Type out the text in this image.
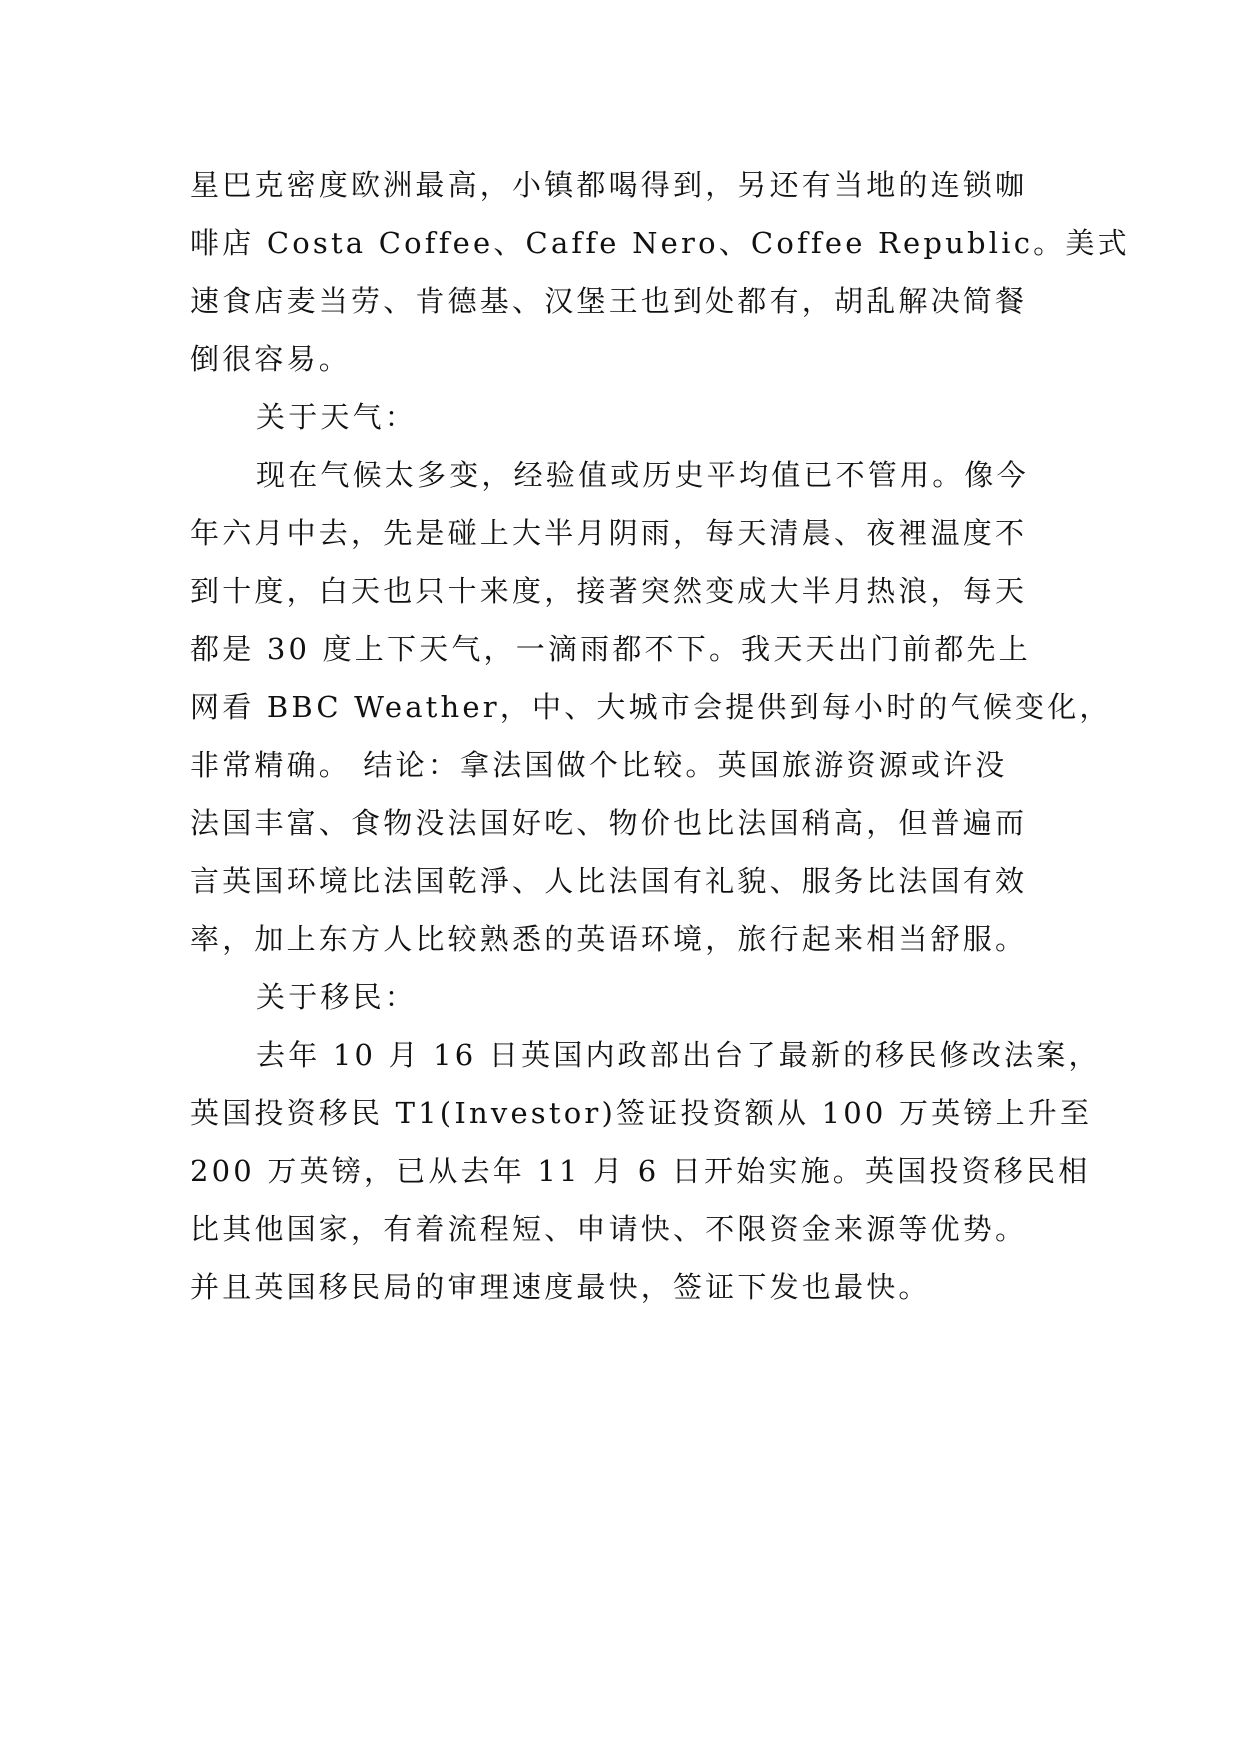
星巴克密度欧洲最高，小镇都喝得到，另还有当地的连锁咖
啡店 Costa Coffee、Caffe Nero、Coffee Republic。美式
速食店麦当劳、肯德基、汉堡王也到处都有，胡乱解决简餐
倒很容易。
关于天气：
现在气候太多变，经验值或历史平均值已不管用。像今
年六月中去，先是碰上大半月阴雨，每天清晨、夜裡温度不
到十度，白天也只十来度，接著突然变成大半月热浪，每天
都是 30 度上下天气，一滴雨都不下。我天天出门前都先上
网看 BBC Weather，中、大城市会提供到每小时的气候变化，
非常精确。 结论：拿法国做个比较。英国旅游资源或许没
法国丰富、食物没法国好吃、物价也比法国稍高，但普遍而
言英国环境比法国乾淨、人比法国有礼貌、服务比法国有效
率，加上东方人比较熟悉的英语环境，旅行起来相当舒服。
关于移民：
去年 10 月 16 日英国内政部出台了最新的移民修改法案，
英国投资移民 T1(Investor)签证投资额从 100 万英镑上升至
200 万英镑，已从去年 11 月 6 日开始实施。英国投资移民相
比其他国家，有着流程短、申请快、不限资金来源等优势。
并且英国移民局的审理速度最快，签证下发也最快。
